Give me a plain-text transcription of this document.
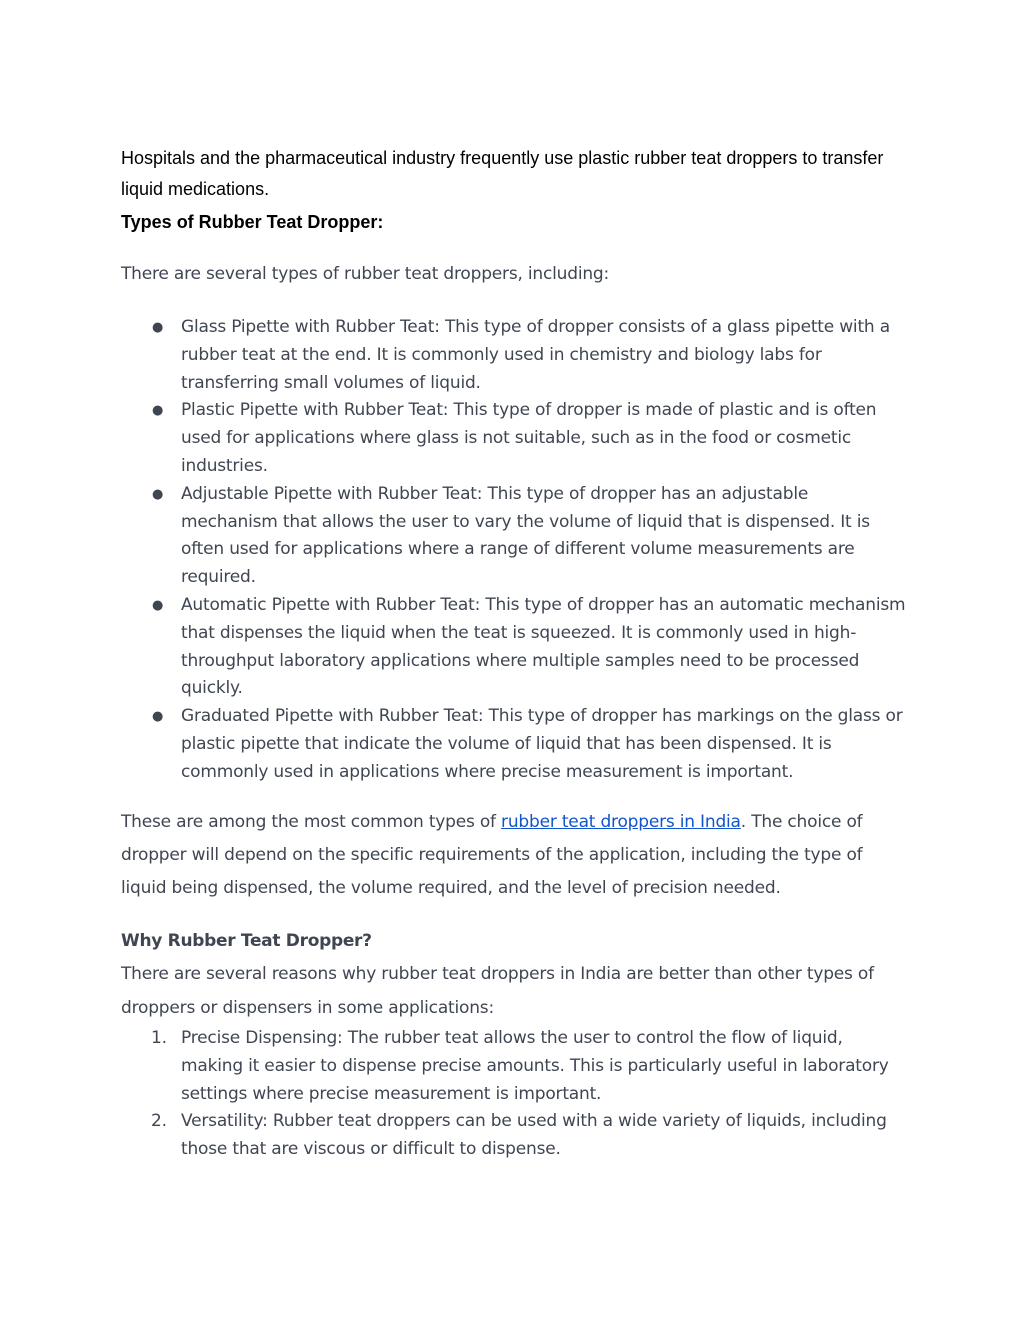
Hospitals and the pharmaceutical industry frequently use plastic rubber teat droppers to transfer liquid medications.

Types of Rubber Teat Dropper:

There are several types of rubber teat droppers, including:

● Glass Pipette with Rubber Teat: This type of dropper consists of a glass pipette with a rubber teat at the end. It is commonly used in chemistry and biology labs for transferring small volumes of liquid.
● Plastic Pipette with Rubber Teat: This type of dropper is made of plastic and is often used for applications where glass is not suitable, such as in the food or cosmetic industries.
● Adjustable Pipette with Rubber Teat: This type of dropper has an adjustable mechanism that allows the user to vary the volume of liquid that is dispensed. It is often used for applications where a range of different volume measurements are required.
● Automatic Pipette with Rubber Teat: This type of dropper has an automatic mechanism that dispenses the liquid when the teat is squeezed. It is commonly used in high-throughput laboratory applications where multiple samples need to be processed quickly.
● Graduated Pipette with Rubber Teat: This type of dropper has markings on the glass or plastic pipette that indicate the volume of liquid that has been dispensed. It is commonly used in applications where precise measurement is important.

These are among the most common types of rubber teat droppers in India. The choice of dropper will depend on the specific requirements of the application, including the type of liquid being dispensed, the volume required, and the level of precision needed.

Why Rubber Teat Dropper?

There are several reasons why rubber teat droppers in India are better than other types of droppers or dispensers in some applications:

1. Precise Dispensing: The rubber teat allows the user to control the flow of liquid, making it easier to dispense precise amounts. This is particularly useful in laboratory settings where precise measurement is important.
2. Versatility: Rubber teat droppers can be used with a wide variety of liquids, including those that are viscous or difficult to dispense.
